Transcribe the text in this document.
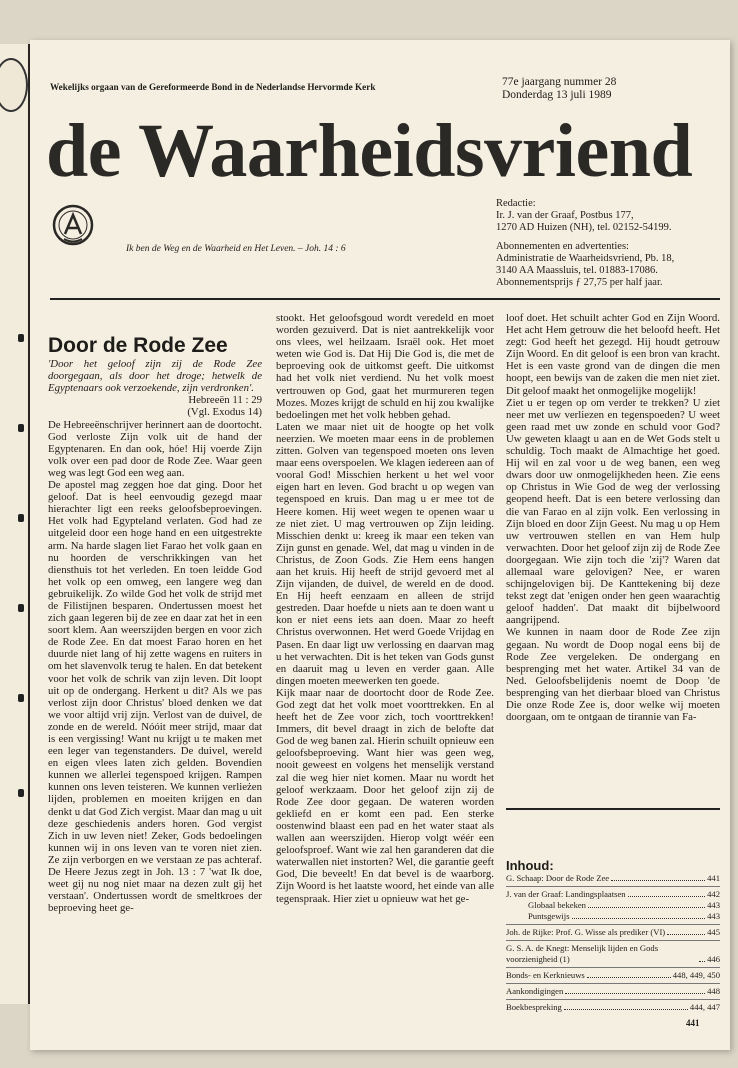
Wekelijks orgaan van de Gereformeerde Bond in de Nederlandse Hervormde Kerk	77e jaargang nummer 28
Donderdag 13 juli 1989
de Waarheidsvriend
Ik ben de Weg en de Waarheid en Het Leven. – Joh. 14 : 6
Redactie:
Ir. J. van der Graaf, Postbus 177,
1270 AD Huizen (NH), tel. 02152-54199.
Abonnementen en advertenties:
Administratie de Waarheidsvriend, Pb. 18,
3140 AA Maassluis, tel. 01883-17086.
Abonnementsprijs ƒ 27,75 per half jaar.
Door de Rode Zee

'Door het geloof zijn zij de Rode Zee doorgegaan, als door het droge; hetwelk de Egyptenaars ook verzoekende, zijn verdronken'.

Hebreeën 11 : 29
(Vgl. Exodus 14)

De Hebreeënschrijver herinnert aan de doortocht. God verloste Zijn volk uit de hand der Egyptenaren. En dan ook, hóe! Hij voerde Zijn volk over een pad door de Rode Zee. Waar geen weg was legt God een weg aan.

De apostel mag zeggen hoe dat ging. Door het geloof. Dat is heel eenvoudig gezegd maar hierachter ligt een reeks geloofsbeproevingen. Het volk had Egypteland verlaten. God had ze uitgeleid door een hoge hand en een uitgestrekte arm. Na harde slagen liet Farao het volk gaan en nu hoorden de verschrikkingen van het diensthuis tot het verleden. En toen leidde God het volk op een omweg, een langere weg dan gebruikelijk. Zo wilde God het volk de strijd met de Filistijnen besparen. Ondertussen moest het zich gaan legeren bij de zee en daar zat het in een soort klem. Aan weerszijden bergen en voor zich de Rode Zee. En dat moest Farao horen en het duurde niet lang of hij zette wagens en ruiters in om het slavenvolk terug te halen. En dat betekent voor het volk de schrik van zijn leven. Dit loopt uit op de ondergang. Herkent u dit? Als we pas verlost zijn door Christus' bloed denken we dat we voor altijd vrij zijn. Verlost van de duivel, de zonde en de wereld. Nóóit meer strijd, maar dat is een vergissing! Want nu krijgt u te maken met een leger van tegenstanders. De duivel, wereld en eigen vlees laten zich gelden. Bovendien kunnen we allerlei tegenspoed krijgen. Rampen kunnen ons leven teisteren. We kunnen verlieżen lijden, problemen en moeiten krijgen en dan denkt u dat God Zich vergist. Maar dan mag u uit deze geschiedenis anders horen. God vergist Zich in uw leven niet! Zeker, Gods bedoelingen kunnen wij in ons leven van te voren niet zien. Ze zijn verborgen en we verstaan ze pas achteraf. De Heere Jezus zegt in Joh. 13 : 7 'wat Ik doe, weet gij nu nog niet maar na dezen zult gij het verstaan'. Ondertussen wordt de smeltkroes der beproeving heet ge-

stookt. Het geloofsgoud wordt veredeld en moet worden gezuiverd. Dat is niet aantrekkelijk voor ons vlees, wel heilzaam. Israël ook. Het moet weten wie God is. Dat Hij Die God is, die met de beproeving ook de uitkomst geeft. Die uitkomst had het volk niet verdiend. Nu het volk moest vertrouwen op God, gaat het murmureren tegen Mozes. Mozes krijgt de schuld en hij zou kwalijke bedoelingen met het volk hebben gehad.

Laten we maar niet uit de hoogte op het volk neerzien. We moeten maar eens in de problemen zitten. Golven van tegenspoed moeten ons leven maar eens overspoelen. We klagen iedereen aan of vooral God! Misschien herkent u het wel voor eigen hart en leven. God bracht u op wegen van tegenspoed en kruis. Dan mag u er mee tot de Heere komen. Hij weet wegen te openen waar u ze niet ziet. U mag vertrouwen op Zijn leiding. Misschien denkt u: kreeg ik maar een teken van Zijn gunst en genade. Wel, dat mag u vinden in de Christus, de Zoon Gods. Zie Hem eens hangen aan het kruis. Hij heeft de strijd gevoerd met al Zijn vijanden, de duivel, de wereld en de dood. En Hij heeft eenzaam en alleen de strijd gestreden. Daar hoefde u niets aan te doen want u kon er niet eens iets aan doen. Maar zo heeft Christus overwonnen. Het werd Goede Vrijdag en Pasen. En daar ligt uw verlossing en daarvan mag u het verwachten. Dit is het teken van Gods gunst en daaruit mag u leven en verder gaan. Alle dingen moeten meewerken ten goede.

Kijk maar naar de doortocht door de Rode Zee. God zegt dat het volk moet voorttrekken. En al heeft het de Zee voor zich, toch voorttrekken! Immers, dit bevel draagt in zich de belofte dat God de weg banen zal. Hierin schuilt opnieuw een geloofsbeproeving. Want hier was geen weg, nooit geweest en volgens het menselijk verstand zal die weg hier niet komen. Maar nu wordt het geloof werkzaam. Door het geloof zijn zij de Rode Zee door gegaan. De wateren worden gekliefd en er komt een pad. Een sterke oostenwind blaast een pad en het water staat als wallen aan weerszijden. Hierop volgt wéér een geloofsproef. Want wie zal hen garanderen dat die waterwallen niet instorten? Wel, die garantie geeft God, Die beveelt! En dat bevel is de waarborg. Zijn Woord is het laatste woord, het einde van alle tegenspraak. Hier ziet u opnieuw wat het ge-

loof doet. Het schuilt achter God en Zijn Woord. Het acht Hem getrouw die het beloofd heeft. Het zegt: God heeft het gezegd. Hij houdt getrouw Zijn Woord. En dit geloof is een bron van kracht. Het is een vaste grond van de dingen die men hoopt, een bewijs van de zaken die men niet ziet. Dit geloof maakt het onmogelijke mogelijk!

Ziet u er tegen op om verder te trekken? U ziet neer met uw verliezen en tegenspoeden? U weet geen raad met uw zonde en schuld voor God? Uw geweten klaagt u aan en de Wet Gods stelt u schuldig. Toch maakt de Almachtige het goed. Hij wil en zal voor u de weg banen, een weg dwars door uw onmogelijkheden heen. Zie eens op Christus in Wie God de weg der verlossing geopend heeft. Dat is een betere verlossing dan die van Farao en al zijn volk. Een verlossing in Zijn bloed en door Zijn Geest. Nu mag u op Hem uw vertrouwen stellen en van Hem hulp verwachten. Door het geloof zijn zij de Rode Zee doorgegaan. Wie zijn toch die 'zij'? Waren dat allemaal ware gelovigen? Nee, er waren schijngelovigen bij. De Kanttekening bij deze tekst zegt dat 'enigen onder hen geen waarachtig geloof hadden'. Dat maakt dit bijbelwoord aangrijpend.

We kunnen in naam door de Rode Zee zijn gegaan. Nu wordt de Doop nogal eens bij de Rode Zee vergeleken. De ondergang en besprenging met het water. Artikel 34 van de Ned. Geloofsbelijdenis noemt de Doop 'de besprenging van het dierbaar bloed van Christus Die onze Rode Zee is, door welke wij moeten doorgaan, om te ontgaan de tirannie van Fa-

Inhoud:
G. Schaap: Door de Rode Zee	441
J. van der Graaf: Landingsplaatsen	442
Globaal bekeken	443
Puntsgewijs	443
Joh. de Rijke: Prof. G. Wisse als prediker (VI)	445
G. S. A. de Knegt: Menselijk lijden en Gods voorzienigheid (1)	446
Bonds- en Kerknieuws	448, 449, 450
Aankondigingen	448
Boekbespreking	444, 447
441
